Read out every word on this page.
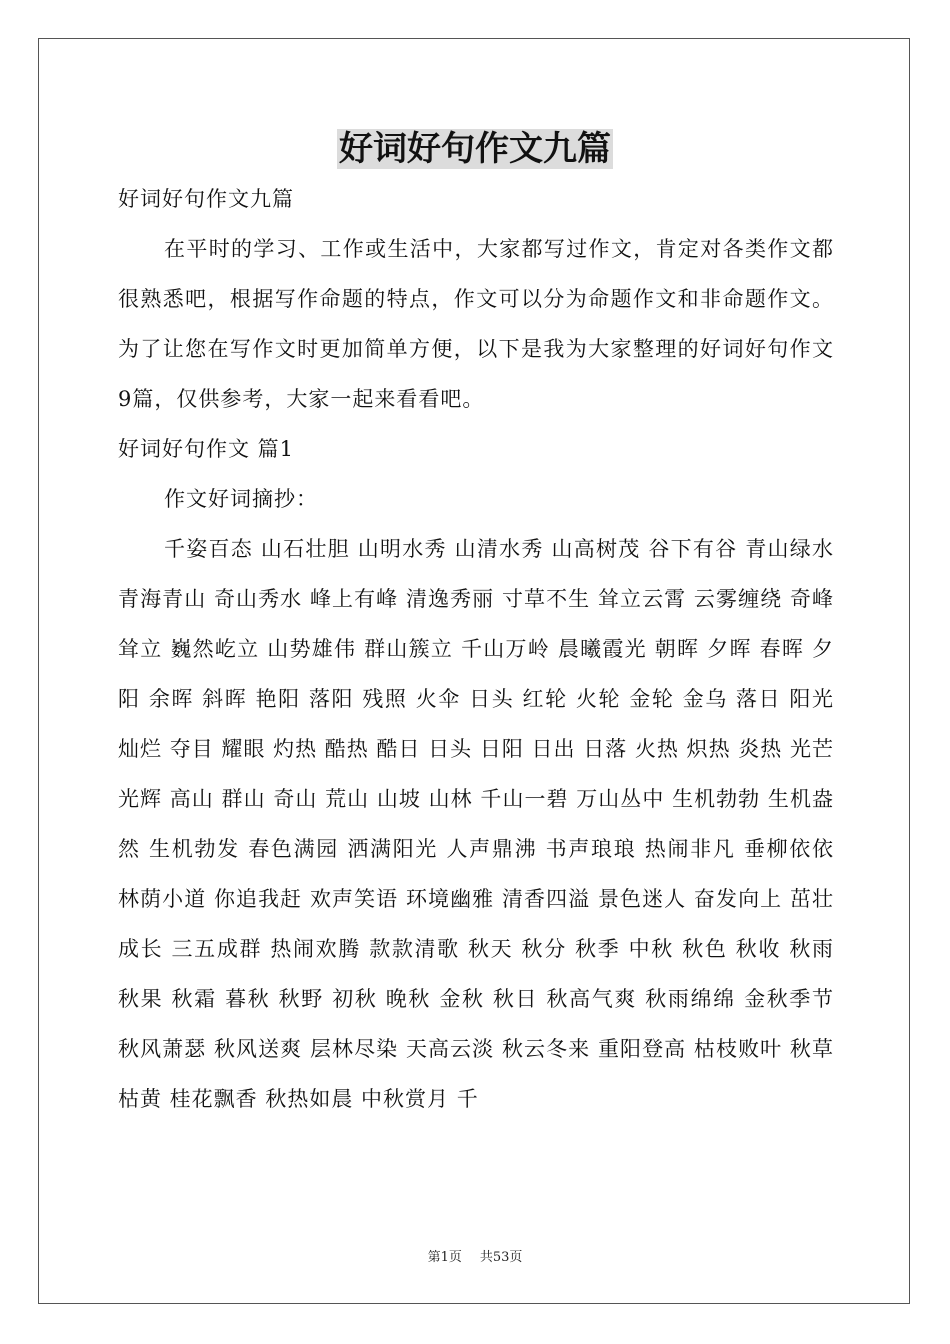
好词好句作文九篇

好词好句作文九篇

在平时的学习、工作或生活中，大家都写过作文，肯定对各类作文都很熟悉吧，根据写作命题的特点，作文可以分为命题作文和非命题作文。为了让您在写作文时更加简单方便，以下是我为大家整理的好词好句作文9篇，仅供参考，大家一起来看看吧。

好词好句作文 篇1

作文好词摘抄：

千姿百态 山石壮胆 山明水秀 山清水秀 山高树茂 谷下有谷 青山绿水 青海青山 奇山秀水 峰上有峰 清逸秀丽 寸草不生 耸立云霄 云雾缠绕 奇峰耸立 巍然屹立 山势雄伟 群山簇立 千山万岭 晨曦霞光 朝晖 夕晖 春晖 夕阳 余晖 斜晖 艳阳 落阳 残照 火伞 日头 红轮 火轮 金轮 金乌 落日 阳光 灿烂 夺目 耀眼 灼热 酷热 酷日 日头 日阳 日出 日落 火热 炽热 炎热 光芒 光辉 高山 群山 奇山 荒山 山坡 山林 千山一碧 万山丛中 生机勃勃 生机盎然 生机勃发 春色满园 洒满阳光 人声鼎沸 书声琅琅 热闹非凡 垂柳依依 林荫小道 你追我赶 欢声笑语 环境幽雅 清香四溢 景色迷人 奋发向上 茁壮成长 三五成群 热闹欢腾 款款清歌 秋天 秋分 秋季 中秋 秋色 秋收 秋雨 秋果 秋霜 暮秋 秋野 初秋 晚秋 金秋 秋日 秋高气爽 秋雨绵绵 金秋季节 秋风萧瑟 秋风送爽 层林尽染 天高云淡 秋云冬来 重阳登高 枯枝败叶 秋草枯黄 桂花飘香 秋热如晨 中秋赏月 千

第1页 共53页
